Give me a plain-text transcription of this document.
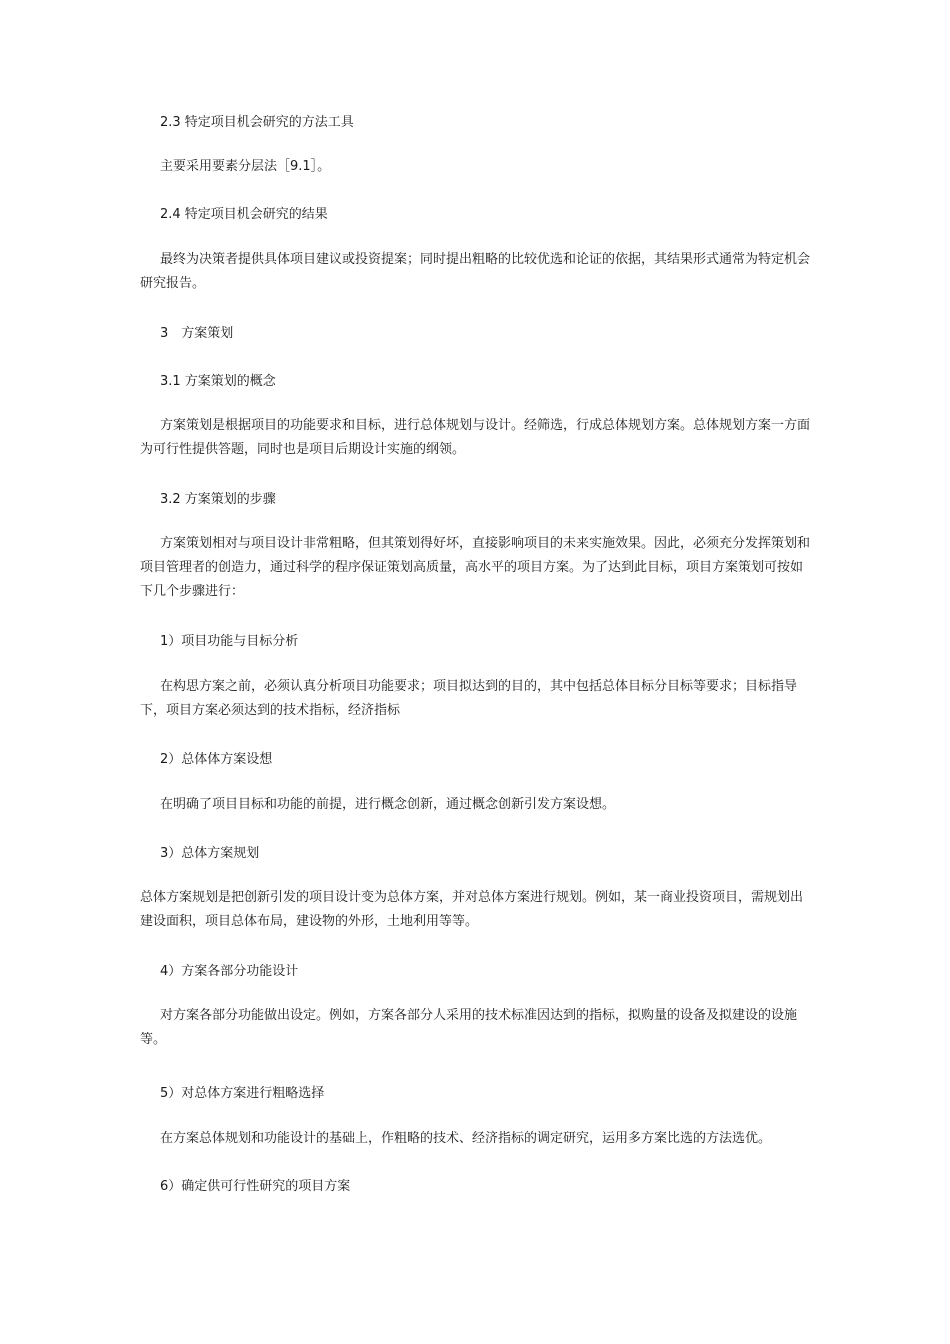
2.3 特定项目机会研究的方法工具

主要采用要素分层法［9.1］。

2.4 特定项目机会研究的结果

最终为决策者提供具体项目建议或投资提案；同时提出粗略的比较优选和论证的依据，其结果形式通常为特定机会研究报告。

3　方案策划

3.1 方案策划的概念

方案策划是根据项目的功能要求和目标，进行总体规划与设计。经筛选，行成总体规划方案。总体规划方案一方面为可行性提供答题，同时也是项目后期设计实施的纲领。

3.2 方案策划的步骤

方案策划相对与项目设计非常粗略，但其策划得好坏，直接影响项目的未来实施效果。因此，必须充分发挥策划和项目管理者的创造力，通过科学的程序保证策划高质量，高水平的项目方案。为了达到此目标，项目方案策划可按如下几个步骤进行：

1）项目功能与目标分析

在构思方案之前，必须认真分析项目功能要求；项目拟达到的目的，其中包括总体目标分目标等要求；目标指导下，项目方案必须达到的技术指标，经济指标

2）总体体方案设想

在明确了项目目标和功能的前提，进行概念创新，通过概念创新引发方案设想。

3）总体方案规划

总体方案规划是把创新引发的项目设计变为总体方案，并对总体方案进行规划。例如，某一商业投资项目，需规划出建设面积，项目总体布局，建设物的外形，土地利用等等。

4）方案各部分功能设计

对方案各部分功能做出设定。例如，方案各部分人采用的技术标准因达到的指标，拟购量的设备及拟建设的设施等。

5）对总体方案进行粗略选择

在方案总体规划和功能设计的基础上，作粗略的技术、经济指标的调定研究，运用多方案比选的方法选优。

6）确定供可行性研究的项目方案
